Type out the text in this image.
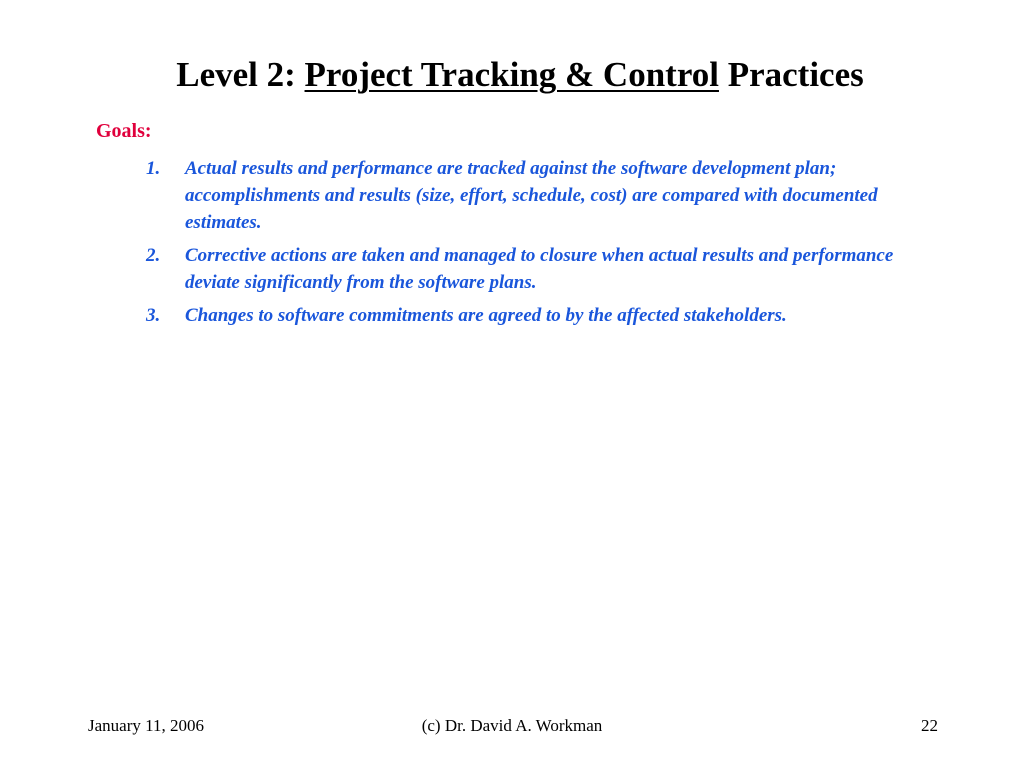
Level 2: Project Tracking & Control Practices
Goals:
1. Actual results and performance are tracked against the software development plan; accomplishments and results (size, effort, schedule, cost) are compared with documented estimates.
2. Corrective actions are taken and managed to closure when actual results and performance deviate significantly from the software plans.
3. Changes to software commitments are agreed to by the affected stakeholders.
January 11, 2006	(c) Dr. David A. Workman	22
